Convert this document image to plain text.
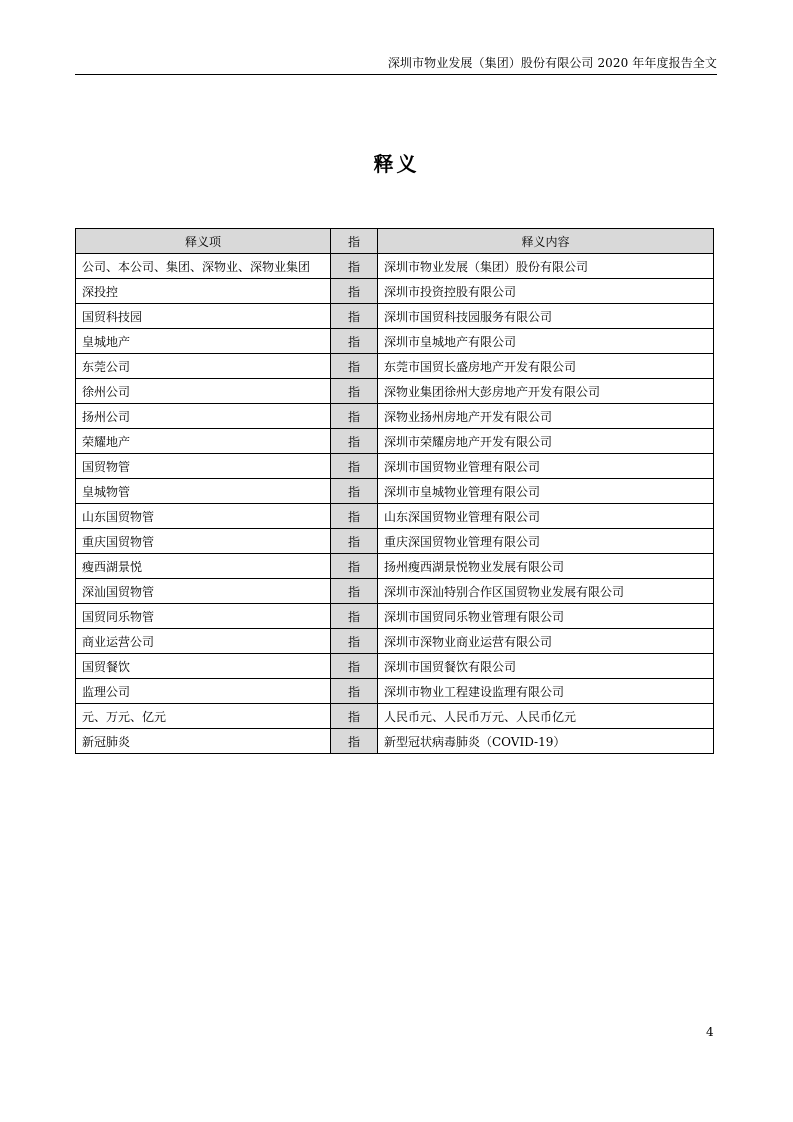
深圳市物业发展（集团）股份有限公司 2020 年年度报告全文
释义
释义项	指	释义内容
公司、本公司、集团、深物业、深物业集团	指	深圳市物业发展（集团）股份有限公司
深投控	指	深圳市投资控股有限公司
国贸科技园	指	深圳市国贸科技园服务有限公司
皇城地产	指	深圳市皇城地产有限公司
东莞公司	指	东莞市国贸长盛房地产开发有限公司
徐州公司	指	深物业集团徐州大彭房地产开发有限公司
扬州公司	指	深物业扬州房地产开发有限公司
荣耀地产	指	深圳市荣耀房地产开发有限公司
国贸物管	指	深圳市国贸物业管理有限公司
皇城物管	指	深圳市皇城物业管理有限公司
山东国贸物管	指	山东深国贸物业管理有限公司
重庆国贸物管	指	重庆深国贸物业管理有限公司
瘦西湖景悦	指	扬州瘦西湖景悦物业发展有限公司
深汕国贸物管	指	深圳市深汕特别合作区国贸物业发展有限公司
国贸同乐物管	指	深圳市国贸同乐物业管理有限公司
商业运营公司	指	深圳市深物业商业运营有限公司
国贸餐饮	指	深圳市国贸餐饮有限公司
监理公司	指	深圳市物业工程建设监理有限公司
元、万元、亿元	指	人民币元、人民币万元、人民币亿元
新冠肺炎	指	新型冠状病毒肺炎（COVID-19）
4
